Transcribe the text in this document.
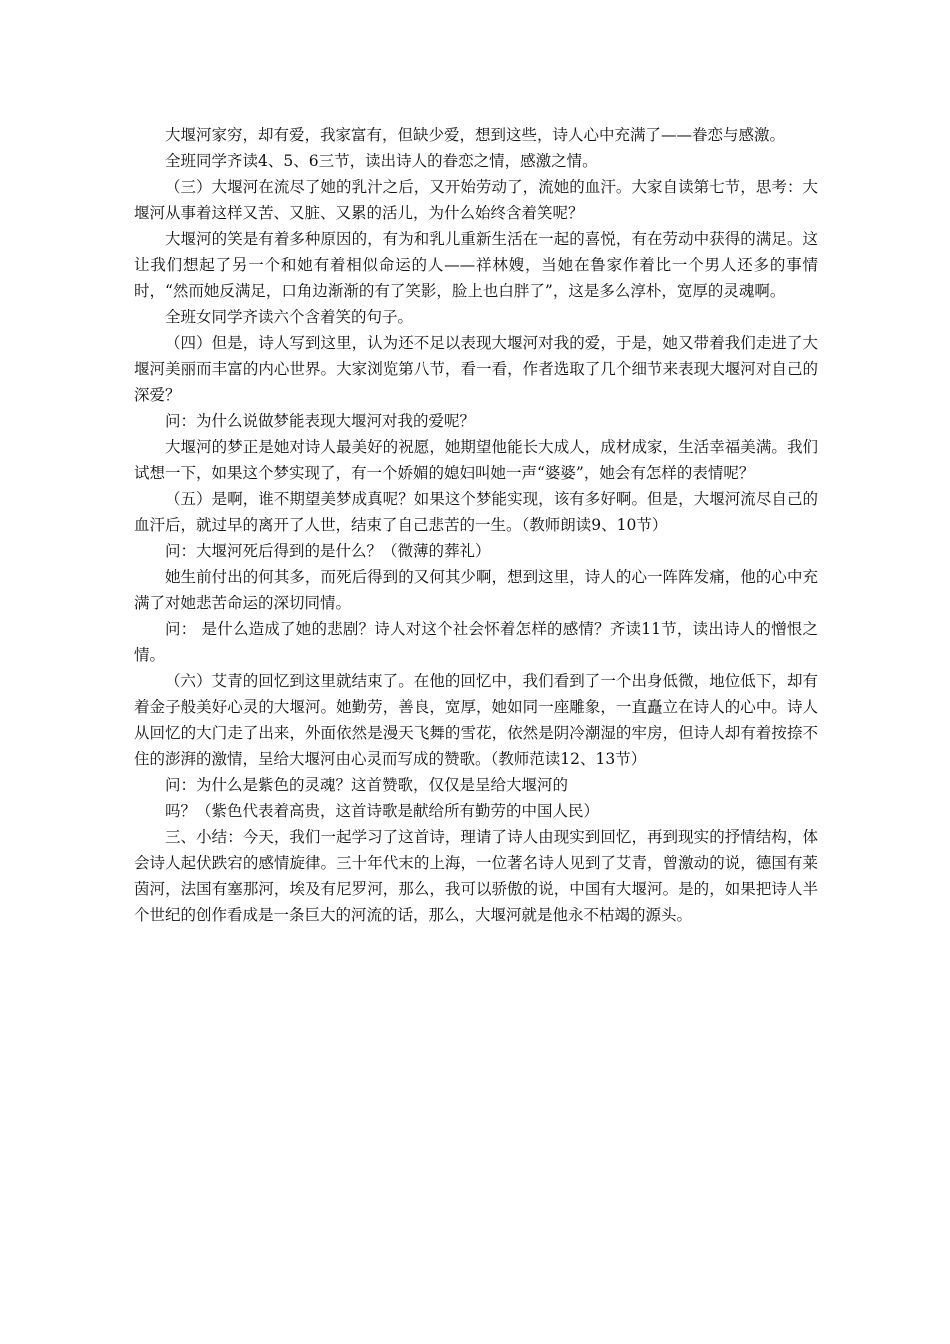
大堰河家穷，却有爱，我家富有，但缺少爱，想到这些，诗人心中充满了——眷恋与感激。

全班同学齐读4、5、6三节，读出诗人的眷恋之情，感激之情。

（三）大堰河在流尽了她的乳汁之后，又开始劳动了，流她的血汗。大家自读第七节，思考：大堰河从事着这样又苦、又脏、又累的活儿，为什么始终含着笑呢？

大堰河的笑是有着多种原因的，有为和乳儿重新生活在一起的喜悦，有在劳动中获得的满足。这让我们想起了另一个和她有着相似命运的人——祥林嫂，当她在鲁家作着比一个男人还多的事情时，“然而她反满足，口角边渐渐的有了笑影，脸上也白胖了”，这是多么淳朴，宽厚的灵魂啊。

全班女同学齐读六个含着笑的句子。

（四）但是，诗人写到这里，认为还不足以表现大堰河对我的爱，于是，她又带着我们走进了大堰河美丽而丰富的内心世界。大家浏览第八节，看一看，作者选取了几个细节来表现大堰河对自己的深爱？

问：为什么说做梦能表现大堰河对我的爱呢？

大堰河的梦正是她对诗人最美好的祝愿，她期望他能长大成人，成材成家，生活幸福美满。我们试想一下，如果这个梦实现了，有一个娇媚的媳妇叫她一声“婆婆”，她会有怎样的表情呢？

（五）是啊，谁不期望美梦成真呢？如果这个梦能实现，该有多好啊。但是，大堰河流尽自己的血汗后，就过早的离开了人世，结束了自己悲苦的一生。（教师朗读9、10节）

问：大堰河死后得到的是什么？（微薄的葬礼）

她生前付出的何其多，而死后得到的又何其少啊，想到这里，诗人的心一阵阵发痛，他的心中充满了对她悲苦命运的深切同情。

问： 是什么造成了她的悲剧？诗人对这个社会怀着怎样的感情？齐读11节，读出诗人的憎恨之情。

（六）艾青的回忆到这里就结束了。在他的回忆中，我们看到了一个出身低微，地位低下，却有着金子般美好心灵的大堰河。她勤劳，善良，宽厚，她如同一座雕象，一直矗立在诗人的心中。诗人从回忆的大门走了出来，外面依然是漫天飞舞的雪花，依然是阴冷潮湿的牢房，但诗人却有着按捺不住的澎湃的激情，呈给大堰河由心灵而写成的赞歌。（教师范读12、13节）

问：为什么是紫色的灵魂？这首赞歌，仅仅是呈给大堰河的

吗？（紫色代表着高贵，这首诗歌是献给所有勤劳的中国人民）

三、小结：今天，我们一起学习了这首诗，理请了诗人由现实到回忆，再到现实的抒情结构，体会诗人起伏跌宕的感情旋律。三十年代末的上海，一位著名诗人见到了艾青，曾激动的说，德国有莱茵河，法国有塞那河，埃及有尼罗河，那么，我可以骄傲的说，中国有大堰河。是的，如果把诗人半个世纪的创作看成是一条巨大的河流的话，那么，大堰河就是他永不枯竭的源头。
